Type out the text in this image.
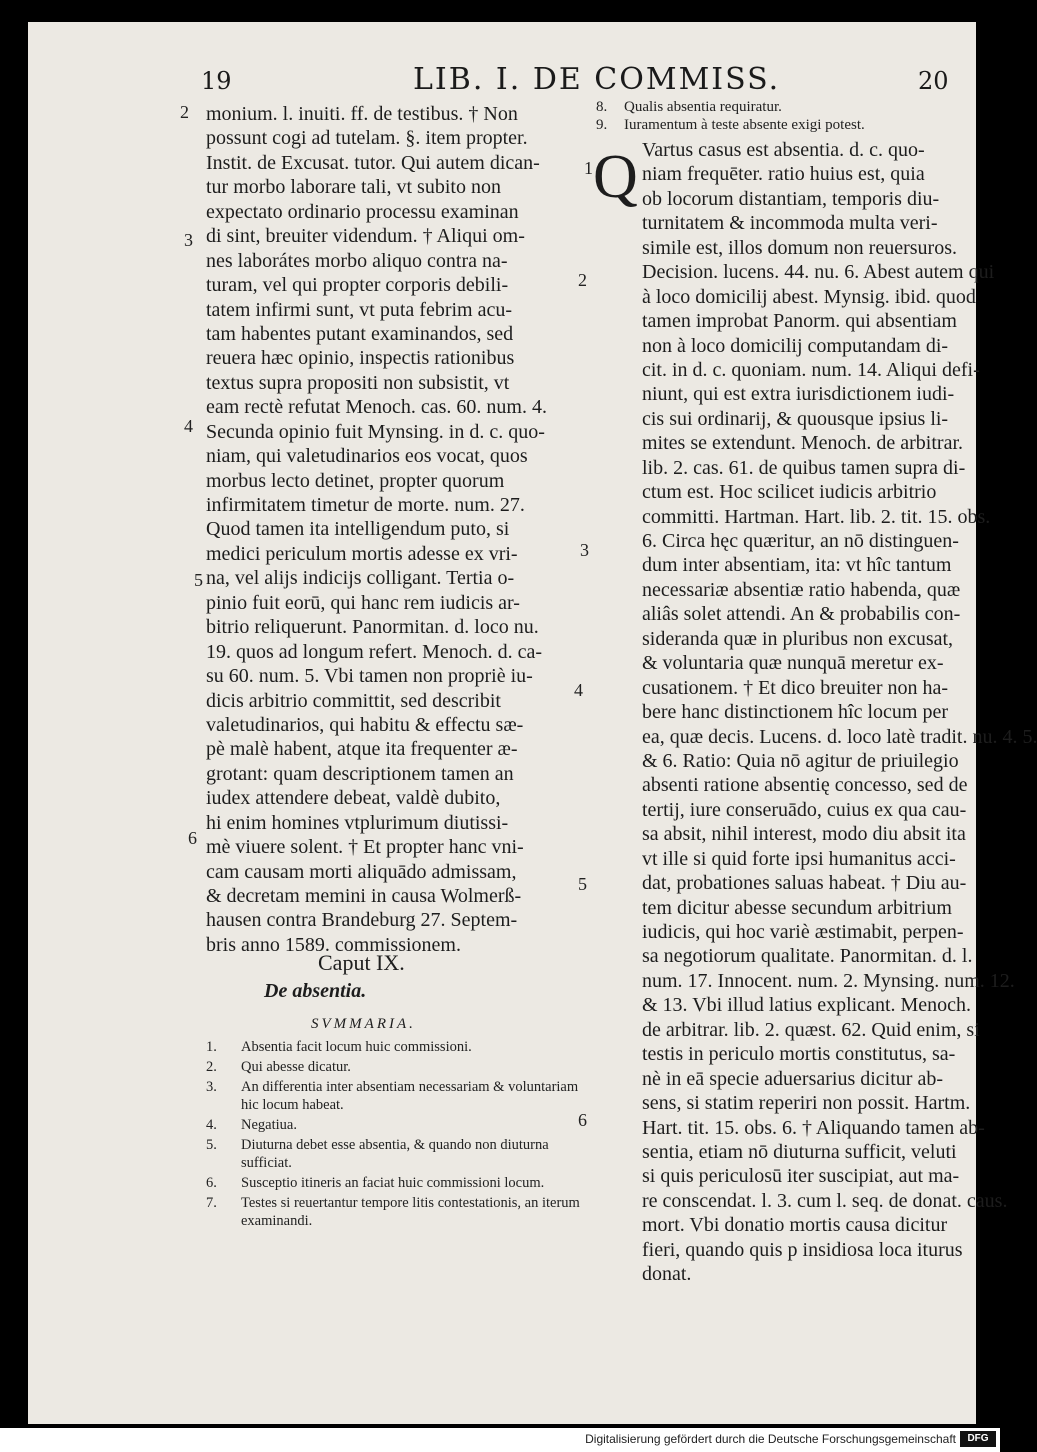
19	LIB. I. DE COMMISS.	20
monium. l. inuiti. ff. de testibus. † Non
possunt cogi ad tutelam. §. item propter.
Instit. de Excusat. tutor. Qui autem dican-
tur morbo laborare tali, vt subito non
expectato ordinario processu examinan
di sint, breuiter videndum. † Aliqui om-
nes laborátes morbo aliquo contra na-
turam, vel qui propter corporis debili-
tatem infirmi sunt, vt puta febrim acu-
tam habentes putant examinandos, sed
reuera hæc opinio, inspectis rationibus
textus supra propositi non subsistit, vt
eam rectè refutat Menoch. cas. 60. num. 4.
Secunda opinio fuit Mynsing. in d. c. quo-
niam, qui valetudinarios eos vocat, quos
morbus lecto detinet, propter quorum
infirmitatem timetur de morte. num. 27.
Quod tamen ita intelligendum puto, si
medici periculum mortis adesse ex vri-
na, vel alijs indicijs colligant. Tertia o-
pinio fuit eorū, qui hanc rem iudicis ar-
bitrio reliquerunt. Panormitan. d. loco nu.
19. quos ad longum refert. Menoch. d. ca-
su 60. num. 5. Vbi tamen non propriè iu-
dicis arbitrio committit, sed describit
valetudinarios, qui habitu & effectu sæ-
pè malè habent, atque ita frequenter æ-
grotant: quam descriptionem tamen an
iudex attendere debeat, valdè dubito,
hi enim homines vtplurimum diutissi-
mè viuere solent. † Et propter hanc vni-
cam causam morti aliquādo admissam,
& decretam memini in causa Wolmerß-
hausen contra Brandeburg 27. Septem-
bris anno 1589. commissionem.
2
3
4
5
6
Caput IX.
De absentia.
SVMMARIA.
1.	Absentia facit locum huic commissioni.
2.	Qui abesse dicatur.
3.	An differentia inter absentiam necessariam & voluntariam hic locum habeat.
4.	Negatiua.
5.	Diuturna debet esse absentia, & quando non diuturna sufficiat.
6.	Susceptio itineris an faciat huic commissioni locum.
7.	Testes si reuertantur tempore litis contestationis, an iterum examinandi.
8. Qualis absentia requiratur.
9. Iuramentum à teste absente exigi potest.
Q Vartus casus est absentia. d. c. quo-
niam frequēter. ratio huius est, quia
ob locorum distantiam, temporis diu-
turnitatem & incommoda multa veri-
simile est, illos domum non reuersuros.
Decision. lucens. 44. nu. 6. Abest autem qui
à loco domicilij abest. Mynsig. ibid. quod
tamen improbat Panorm. qui absentiam
non à loco domicilij computandam di-
cit. in d. c. quoniam. num. 14. Aliqui defi-
niunt, qui est extra iurisdictionem iudi-
cis sui ordinarij, & quousque ipsius li-
mites se extendunt. Menoch. de arbitrar.
lib. 2. cas. 61. de quibus tamen supra di-
ctum est. Hoc scilicet iudicis arbitrio
committi. Hartman. Hart. lib. 2. tit. 15. obs.
6. Circa hęc quæritur, an nō distinguen-
dum inter absentiam, ita: vt hîc tantum
necessariæ absentiæ ratio habenda, quæ
aliâs solet attendi. An & probabilis con-
sideranda quæ in pluribus non excusat,
& voluntaria quæ nunquā meretur ex-
cusationem. † Et dico breuiter non ha-
bere hanc distinctionem hîc locum per
ea, quæ decis. Lucens. d. loco latè tradit. nu. 4. 5.
& 6. Ratio: Quia nō agitur de priuilegio
absenti ratione absentię concesso, sed de
tertij, iure conseruādo, cuius ex qua cau-
sa absit, nihil interest, modo diu absit ita
vt ille si quid forte ipsi humanitus acci-
dat, probationes saluas habeat. † Diu au-
tem dicitur abesse secundum arbitrium
iudicis, qui hoc variè æstimabit, perpen-
sa negotiorum qualitate. Panormitan. d. l.
num. 17. Innocent. num. 2. Mynsing. num. 12.
& 13. Vbi illud latius explicant. Menoch.
de arbitrar. lib. 2. quæst. 62. Quid enim, si
testis in periculo mortis constitutus, sa-
nè in eā specie aduersarius dicitur ab-
sens, si statim reperiri non possit. Hartm.
Hart. tit. 15. obs. 6. † Aliquando tamen ab-
sentia, etiam nō diuturna sufficit, veluti
si quis periculosū iter suscipiat, aut ma-
re conscendat. l. 3. cum l. seq. de donat. caus.
mort. Vbi donatio mortis causa dicitur
fieri, quando quis p insidiosa loca iturus
donat.
1
2
3
4
5
6
Digitalisierung gefördert durch die Deutsche Forschungsgemeinschaft	DFG
